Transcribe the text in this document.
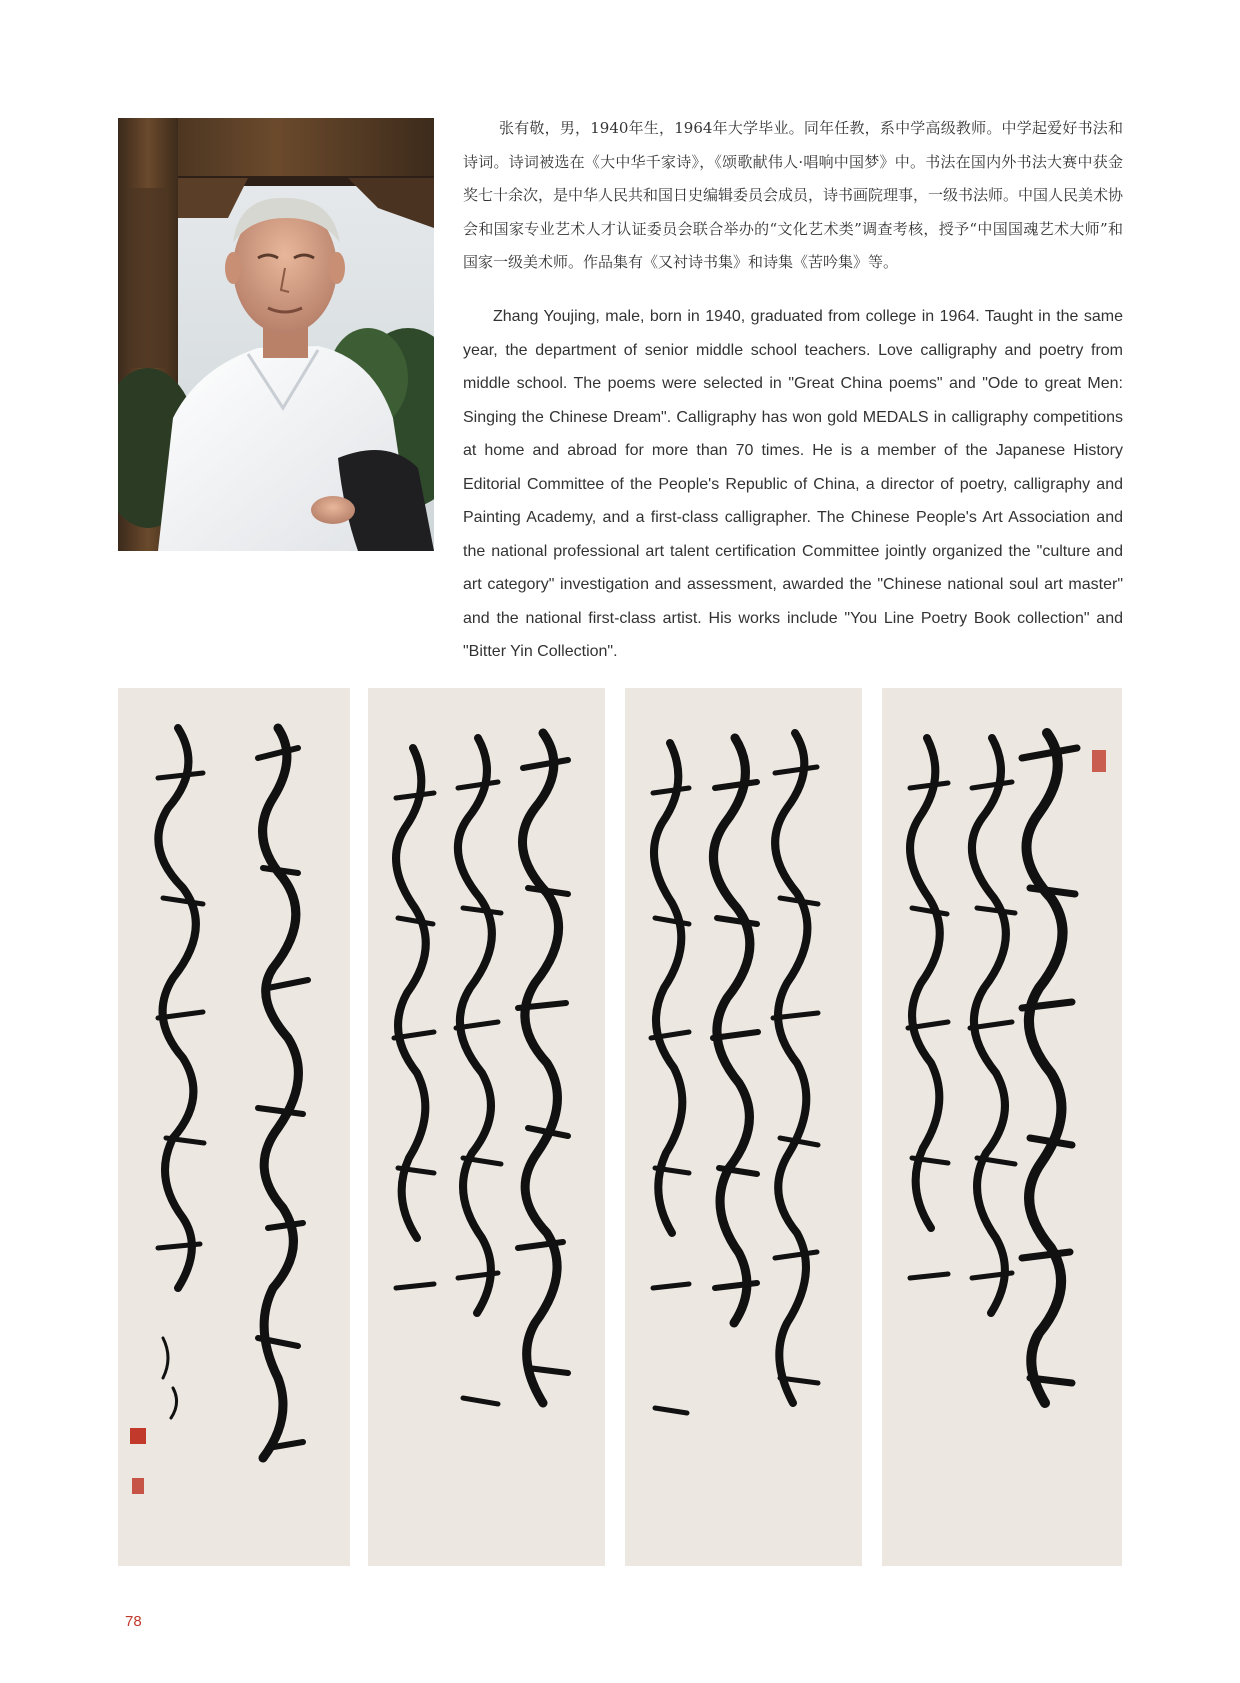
张有敬，男，1940年生，1964年大学毕业。同年任教，系中学高级教师。中学起爱好书法和诗词。诗词被选在《大中华千家诗》，《颂歌献伟人·唱响中国梦》中。书法在国内外书法大赛中获金奖七十余次，是中华人民共和国日史编辑委员会成员，诗书画院理事，一级书法师。中国人民美术协会和国家专业艺术人才认证委员会联合举办的“文化艺术类”调查考核，授予“中国国魂艺术大师”和国家一级美术师。作品集有《又衬诗书集》和诗集《苦吟集》等。

Zhang Youjing, male, born in 1940, graduated from college in 1964. Taught in the same year, the department of senior middle school teachers. Love calligraphy and poetry from middle school. The poems were selected in "Great China poems" and "Ode to great Men: Singing the Chinese Dream". Calligraphy has won gold MEDALS in calligraphy competitions at home and abroad for more than 70 times. He is a member of the Japanese History Editorial Committee of the People's Republic of China, a director of poetry, calligraphy and Painting Academy, and a first-class calligrapher. The Chinese People's Art Association and the national professional art talent certification Committee jointly organized the "culture and art category" investigation and assessment, awarded the "Chinese national soul art master" and the national first-class artist. His works include "You Line Poetry Book collection" and "Bitter Yin Collection".

78
